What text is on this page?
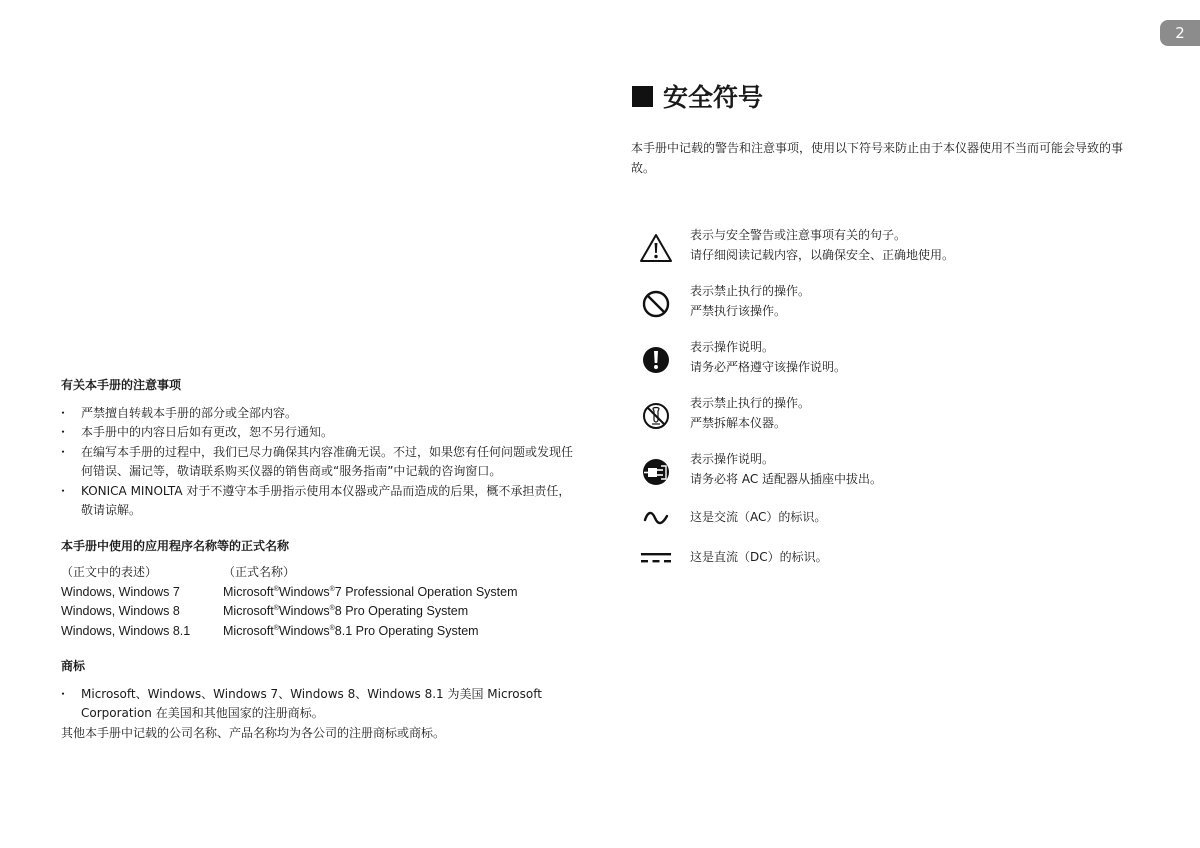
2

有关本手册的注意事项

・ 严禁擅自转载本手册的部分或全部内容。
・ 本手册中的内容日后如有更改，恕不另行通知。
・ 在编写本手册的过程中，我们已尽力确保其内容准确无误。不过，如果您有任何问题或发现任何错误、漏记等，敬请联系购买仪器的销售商或“服务指南”中记载的咨询窗口。
・ KONICA MINOLTA 对于不遵守本手册指示使用本仪器或产品而造成的后果，概不承担责任，敬请谅解。

本手册中使用的应用程序名称等的正式名称

（正文中的表述）	（正式名称）
Windows, Windows 7	Microsoft®Windows®7 Professional Operation System
Windows, Windows 8	Microsoft®Windows®8 Pro Operating System
Windows, Windows 8.1	Microsoft®Windows®8.1 Pro Operating System

商标

・ Microsoft、Windows、Windows 7、Windows 8、Windows 8.1 为美国 Microsoft Corporation 在美国和其他国家的注册商标。

其他本手册中记载的公司名称、产品名称均为各公司的注册商标或商标。

安全符号

本手册中记载的警告和注意事项，使用以下符号来防止由于本仪器使用不当而可能会导致的事故。

表示与安全警告或注意事项有关的句子。
请仔细阅读记载内容，以确保安全、正确地使用。
表示禁止执行的操作。
严禁执行该操作。
表示操作说明。
请务必严格遵守该操作说明。
表示禁止执行的操作。
严禁拆解本仪器。
表示操作说明。
请务必将 AC 适配器从插座中拔出。
这是交流（AC）的标识。
这是直流（DC）的标识。
